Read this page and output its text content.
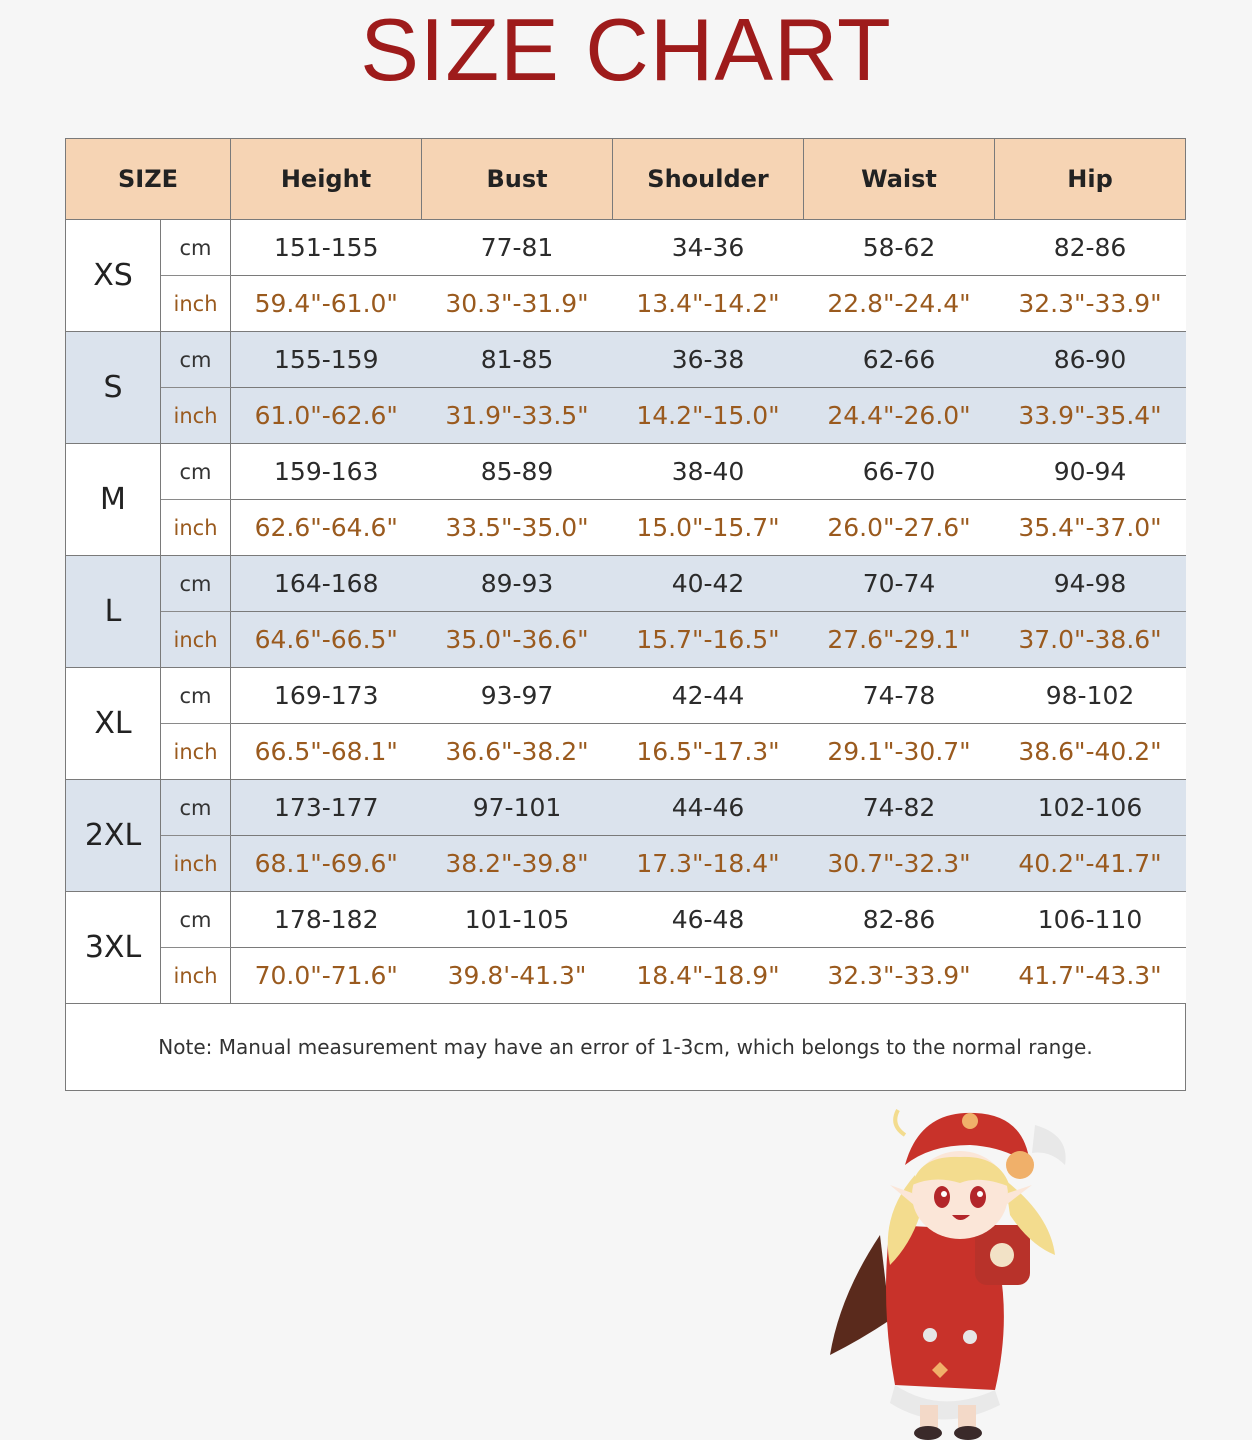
SIZE CHART
SIZE		Height	Bust	Shoulder	Waist	Hip
XS	cm	151-155	77-81	34-36	58-62	82-86
	inch	59.4"-61.0"	30.3"-31.9"	13.4"-14.2"	22.8"-24.4"	32.3"-33.9"
S	cm	155-159	81-85	36-38	62-66	86-90
	inch	61.0"-62.6"	31.9"-33.5"	14.2"-15.0"	24.4"-26.0"	33.9"-35.4"
M	cm	159-163	85-89	38-40	66-70	90-94
	inch	62.6"-64.6"	33.5"-35.0"	15.0"-15.7"	26.0"-27.6"	35.4"-37.0"
L	cm	164-168	89-93	40-42	70-74	94-98
	inch	64.6"-66.5"	35.0"-36.6"	15.7"-16.5"	27.6"-29.1"	37.0"-38.6"
XL	cm	169-173	93-97	42-44	74-78	98-102
	inch	66.5"-68.1"	36.6"-38.2"	16.5"-17.3"	29.1"-30.7"	38.6"-40.2"
2XL	cm	173-177	97-101	44-46	74-82	102-106
	inch	68.1"-69.6"	38.2"-39.8"	17.3"-18.4"	30.7"-32.3"	40.2"-41.7"
3XL	cm	178-182	101-105	46-48	82-86	106-110
	inch	70.0"-71.6"	39.8'-41.3"	18.4"-18.9"	32.3"-33.9"	41.7"-43.3"
Note: Manual measurement may have an error of 1-3cm, which belongs to the normal range.						
